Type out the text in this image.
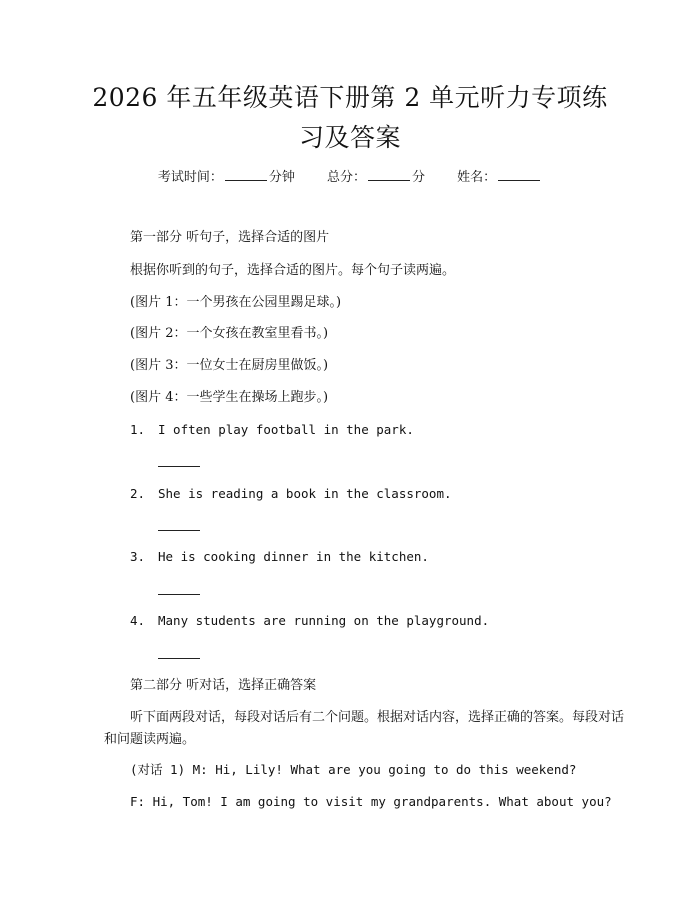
2026 年五年级英语下册第 2 单元听力专项练
习及答案
考试时间：	分钟 总分：	分 姓名：
第一部分 听句子，选择合适的图片
根据你听到的句子，选择合适的图片。每个句子读两遍。
(图片 1：一个男孩在公园里踢足球。)
(图片 2：一个女孩在教室里看书。)
(图片 3：一位女士在厨房里做饭。)
(图片 4：一些学生在操场上跑步。)
1. I often play football in the park.
2. She is reading a book in the classroom.
3. He is cooking dinner in the kitchen.
4. Many students are running on the playground.
第二部分 听对话，选择正确答案
听下面两段对话，每段对话后有二个问题。根据对话内容，选择正确的答案。每段对话和问题读两遍。
(对话 1) M: Hi, Lily! What are you going to do this weekend?
F: Hi, Tom! I am going to visit my grandparents. What about you?
